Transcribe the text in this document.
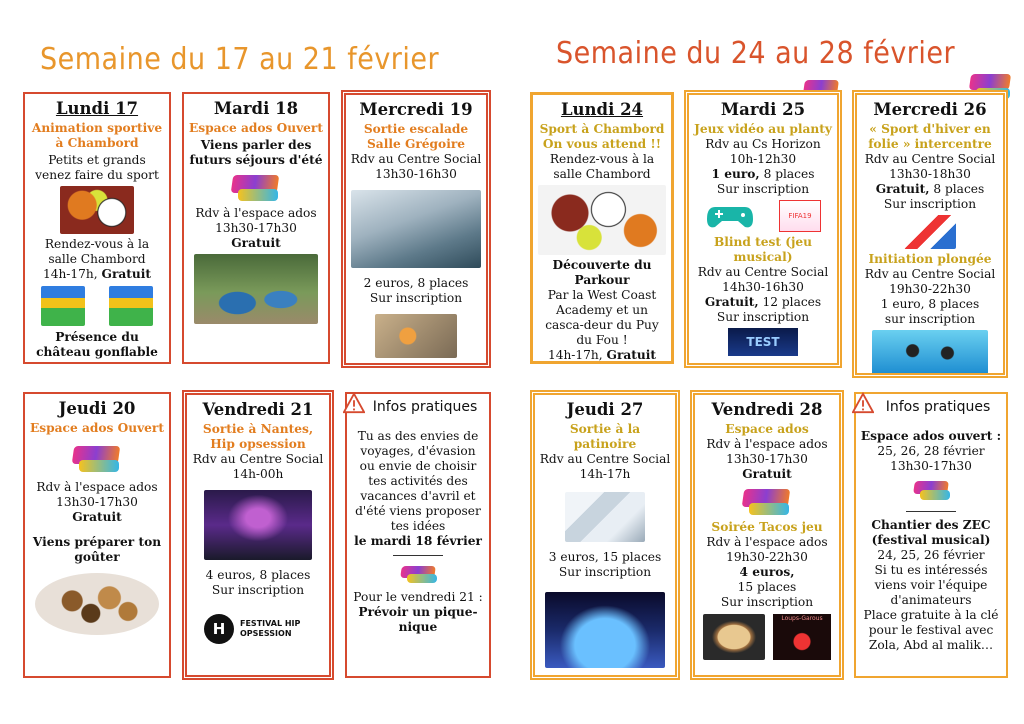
Semaine du 17 au 21 février	Semaine du 24 au 28 février
Lundi 17
Animation sportive à Chambord
Petits et grands venez faire du sport
Rendez-vous à la salle Chambord
14h-17h, Gratuit
Présence du château gonflable
Mardi 18
Espace ados Ouvert
Viens parler des futurs séjours d'été
Rdv à l'espace ados
13h30-17h30
Gratuit
Mercredi 19
Sortie escalade Salle Grégoire
Rdv au Centre Social
13h30-16h30
2 euros, 8 places
Sur inscription
Jeudi 20
Espace ados Ouvert
Rdv à l'espace ados
13h30-17h30
Gratuit
Viens préparer ton goûter
Vendredi 21
Sortie à Nantes, Hip opsession
Rdv au Centre Social
14h-00h
4 euros, 8 places
Sur inscription
H	FESTIVAL HIP OPSESSION
Infos pratiques
Tu as des envies de voyages, d'évasion ou envie de choisir tes activités des vacances d'avril et d'été viens proposer tes idées
le mardi 18 février
Pour le vendredi 21 :
Prévoir un pique-nique
Lundi 24
Sport à Chambord On vous attend !!
Rendez-vous à la salle Chambord
Découverte du Parkour
Par la West Coast Academy et un casca-deur du Puy du Fou !
14h-17h, Gratuit
Mardi 25
Jeux vidéo au planty
Rdv au Cs Horizon
10h-12h30
1 euro, 8 places
Sur inscription
FIFA19
Blind test (jeu musical)
Rdv au Centre Social
14h30-16h30
Gratuit, 12 places
Sur inscription
TEST
Mercredi 26
« Sport d'hiver en folie » intercentre
Rdv au Centre Social
13h30-18h30
Gratuit, 8 places
Sur inscription
Initiation plongée
Rdv au Centre Social
19h30-22h30
1 euro, 8 places
sur inscription
Jeudi 27
Sortie à la patinoire
Rdv au Centre Social
14h-17h
3 euros, 15 places
Sur inscription
Vendredi 28
Espace ados
Rdv à l'espace ados
13h30-17h30
Gratuit
Soirée Tacos jeu
Rdv à l'espace ados
19h30-22h30
4 euros,
15 places
Sur inscription
Loups-Garous
Infos pratiques
Espace ados ouvert :
25, 26, 28 février
13h30-17h30
Chantier des ZEC (festival musical)
24, 25, 26 février
Si tu es intéressés viens voir l'équipe d'animateurs
Place gratuite à la clé pour le festival avec Zola, Abd al malik…
